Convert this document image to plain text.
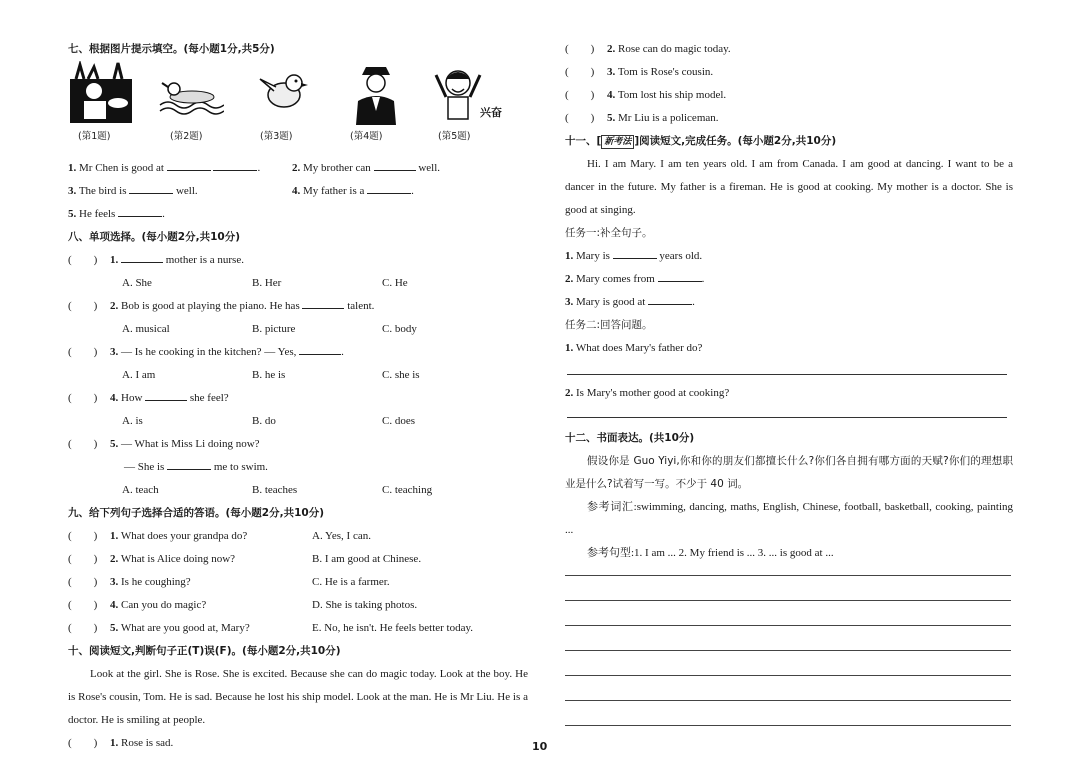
七、根据图片提示填空。(每小题1分,共5分)
(第1题)	(第2题)	(第3题)	(第4题)
兴奋
(第5题)
1. Mr Chen is good at	.	2. My brother can	well.
3. The bird is	well.	4. My father is a	.
5. He feels	.
八、单项选择。(每小题2分,共10分)
( ) 1.	mother is a nurse.
A. She	B. Her	C. He
( ) 2. Bob is good at playing the piano. He has	talent.
A. musical	B. picture	C. body
( ) 3. — Is he cooking in the kitchen? — Yes,	.
A. I am	B. he is	C. she is
( ) 4. How	she feel?
A. is	B. do	C. does
( ) 5. — What is Miss Li doing now?
— She is	me to swim.
A. teach	B. teaches	C. teaching
九、给下列句子选择合适的答语。(每小题2分,共10分)
( ) 1. What does your grandpa do?	A. Yes, I can.
( ) 2. What is Alice doing now?	B. I am good at Chinese.
( ) 3. Is he coughing?	C. He is a farmer.
( ) 4. Can you do magic?	D. She is taking photos.
( ) 5. What are you good at, Mary?	E. No, he isn't. He feels better today.
十、阅读短文,判断句子正(T)误(F)。(每小题2分,共10分)
Look at the girl. She is Rose. She is excited. Because she can do magic today. Look at the boy. He is Rose's cousin, Tom. He is sad. Because he lost his ship model. Look at the man. He is Mr Liu. He is a doctor. He is smiling at people.
( ) 1. Rose is sad.
( ) 2. Rose can do magic today.
( ) 3. Tom is Rose's cousin.
( ) 4. Tom lost his ship model.
( ) 5. Mr Liu is a policeman.
十一、[ 新考法 ]阅读短文,完成任务。(每小题2分,共10分)
Hi. I am Mary. I am ten years old. I am from Canada. I am good at dancing. I want to be a dancer in the future. My father is a fireman. He is good at cooking. My mother is a doctor. She is good at singing.
任务一:补全句子。
1. Mary is	years old.
2. Mary comes from	.
3. Mary is good at	.
任务二:回答问题。
1. What does Mary's father do?
2. Is Mary's mother good at cooking?
十二、书面表达。(共10分)
假设你是 Guo Yiyi,你和你的朋友们都擅长什么?你们各自拥有哪方面的天赋?你们的理想职业是什么?试着写一写。不少于 40 词。
参考词汇:swimming, dancing, maths, English, Chinese, football, basketball, cooking, painting ...
参考句型:1. I am ... 2. My friend is ... 3. ... is good at ...
10
